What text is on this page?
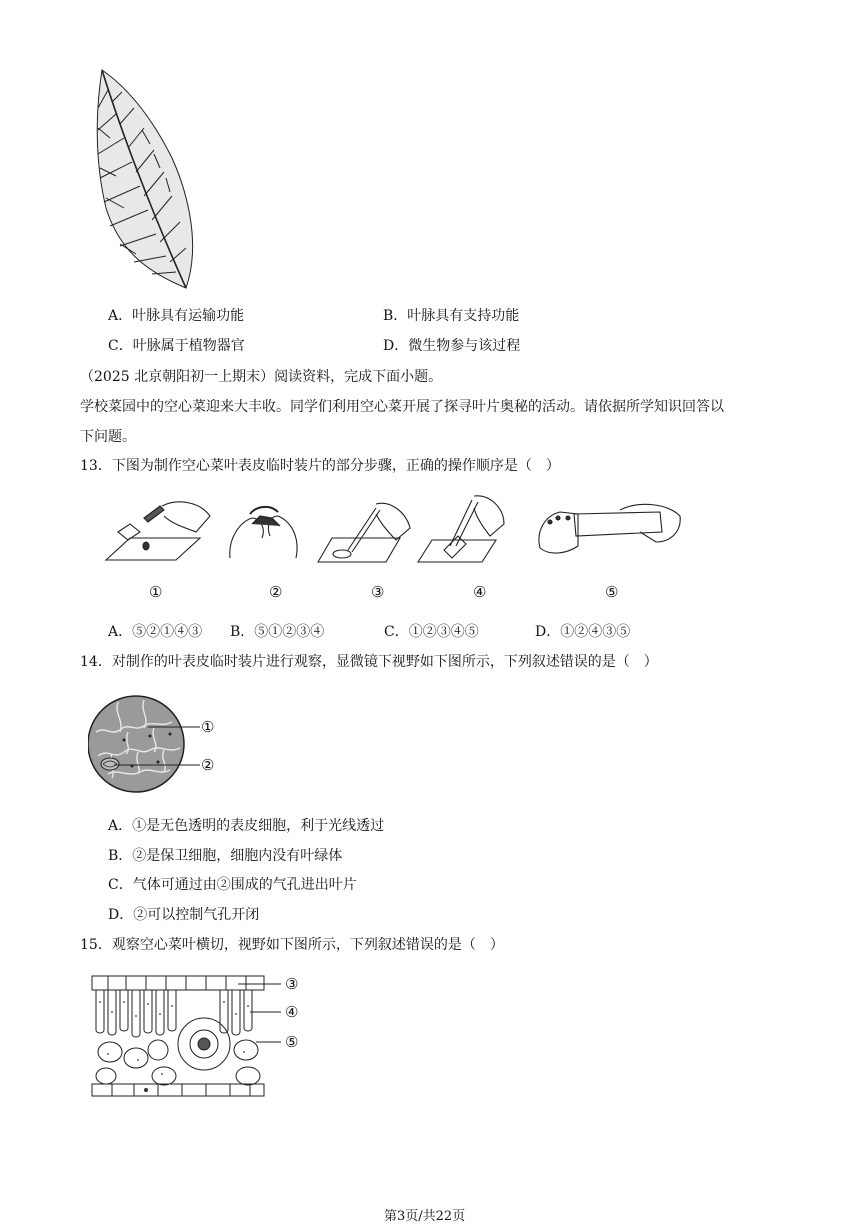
A．叶脉具有运输功能	B．叶脉具有支持功能
C．叶脉属于植物器官	D．微生物参与该过程
（2025 北京朝阳初一上期末）阅读资料，完成下面小题。
学校菜园中的空心菜迎来大丰收。同学们利用空心菜开展了探寻叶片奥秘的活动。请依据所学知识回答以
下问题。
13．下图为制作空心菜叶表皮临时装片的部分步骤，正确的操作顺序是（　）
①	②	③	④	⑤
A．⑤②①④③ B．⑤①②③④	C．①②③④⑤	D．①②④③⑤
14．对制作的叶表皮临时装片进行观察，显微镜下视野如下图所示，下列叙述错误的是（　）
①
②
A．①是无色透明的表皮细胞，利于光线透过
B．②是保卫细胞，细胞内没有叶绿体
C．气体可通过由②围成的气孔进出叶片
D．②可以控制气孔开闭
15．观察空心菜叶横切，视野如下图所示，下列叙述错误的是（　）
③
④
⑤
第3页/共22页
